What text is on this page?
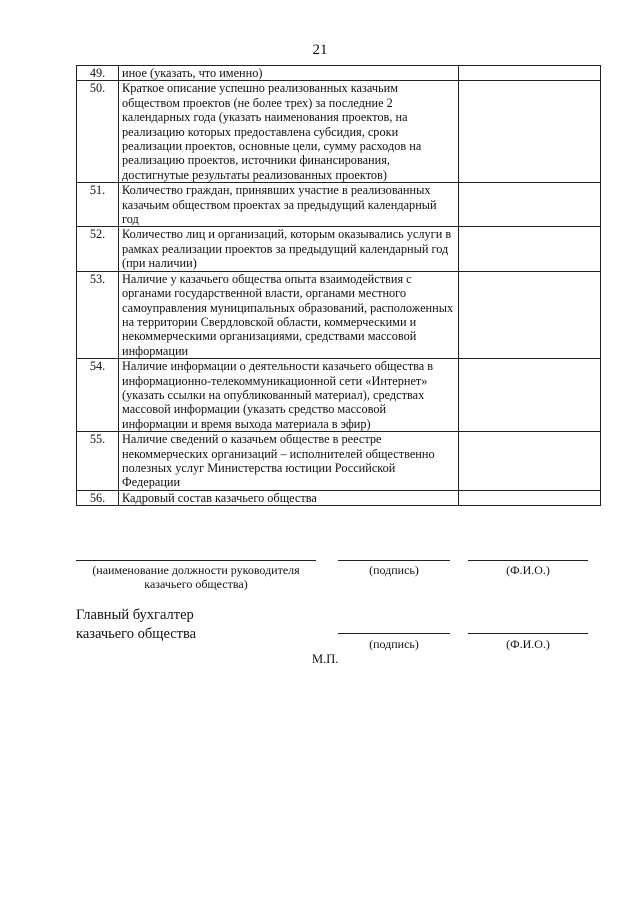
21
49.	иное (указать, что именно)	
50.	Краткое описание успешно реализованных казачьим обществом проектов (не более трех) за последние 2 календарных года (указать наименования проектов, на реализацию которых предоставлена субсидия, сроки реализации проектов, основные цели, сумму расходов на реализацию проектов, источники финансирования, достигнутые результаты реализованных проектов)	
51.	Количество граждан, принявших участие в реализованных казачьим обществом проектах за предыдущий календарный год	
52.	Количество лиц и организаций, которым оказывались услуги в рамках реализации проектов за предыдущий календарный год (при наличии)	
53.	Наличие у казачьего общества опыта взаимодействия с органами государственной власти, органами местного самоуправления муниципальных образований, расположенных на территории Свердловской области, коммерческими и некоммерческими организациями, средствами массовой информации	
54.	Наличие информации о деятельности казачьего общества в информационно-телекоммуникационной сети «Интернет» (указать ссылки на опубликованный материал), средствах массовой информации (указать средство массовой информации и время выхода материала в эфир)	
55.	Наличие сведений о казачьем обществе в реестре некоммерческих организаций – исполнителей общественно полезных услуг Министерства юстиции Российской Федерации	
56.	Кадровый состав казачьего общества	
(наименование должности руководителя казачьего общества)
(подпись)	(Ф.И.О.)
Главный бухгалтер казачьего общества
(подпись)	(Ф.И.О.)
М.П.
